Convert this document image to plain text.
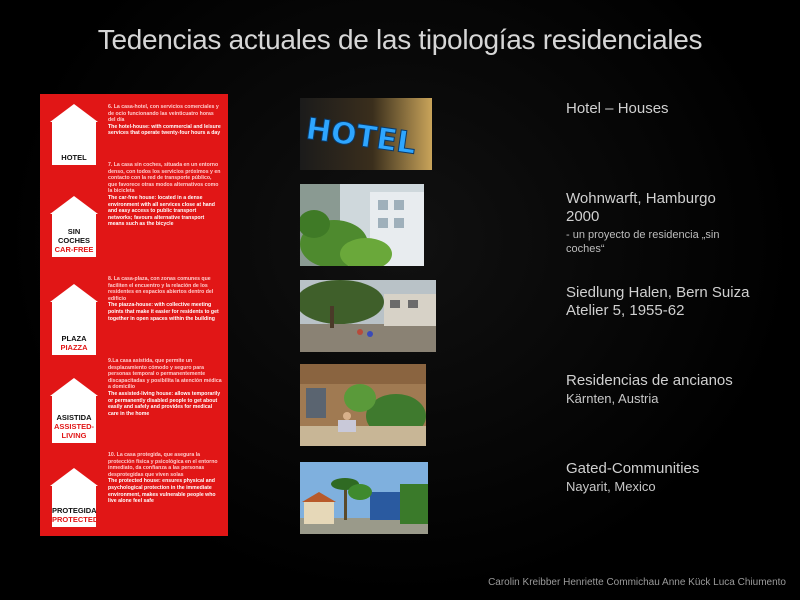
Tedencias actuales de las tipologías residenciales
HOTEL
6. La casa-hotel, con servicios comerciales y de ocio funcionando las veinticuatro horas del día
The hotel-house: with commercial and leisure services that operate twenty-four hours a day
SIN COCHES
CAR-FREE
7. La casa sin coches, situada en un entorno denso, con todos los servicios próximos y en contacto con la red de transporte público, que favorece otras modos alternativos como la bicicleta
The car-free house: located in a dense environment with all services close at hand and easy access to public transport networks; favours alternative transport means such as the bicycle
PLAZA
PIAZZA
8. La casa-plaza, con zonas comunes que faciliten el encuentro y la relación de los residentes en espacios abiertos dentro del edificio
The piazza-house: with collective meeting points that make it easier for residents to get together in open spaces within the building
ASISTIDA
ASSISTED-LIVING
9.La casa asistida, que permite un desplazamiento cómodo y seguro para personas temporal o permanentemente discapacitadas y posibilita la atención médica a domicilio
The assisted-living house: allows temporarily or permanently disabled people to get about easily and safely and provides for medical care in the home
PROTEGIDA
PROTECTED
10. La casa protegida, que asegura la protección física y psicológica en el entorno inmediato, da confianza a las personas desprotegidas que viven solas
The protected house: ensures physical and psychological protection in the immediate environment, makes vulnerable people who live alone feel safe
HOTEL
Hotel – Houses
Wohnwarft, Hamburgo 2000
- un proyecto de residencia „sin coches“
Siedlung Halen, Bern Suiza
Atelier 5, 1955-62
Residencias de ancianos
Kärnten, Austria
Gated-Communities
Nayarit, Mexico
Carolin Kreibber Henriette Commichau Anne Kück Luca Chiumento
